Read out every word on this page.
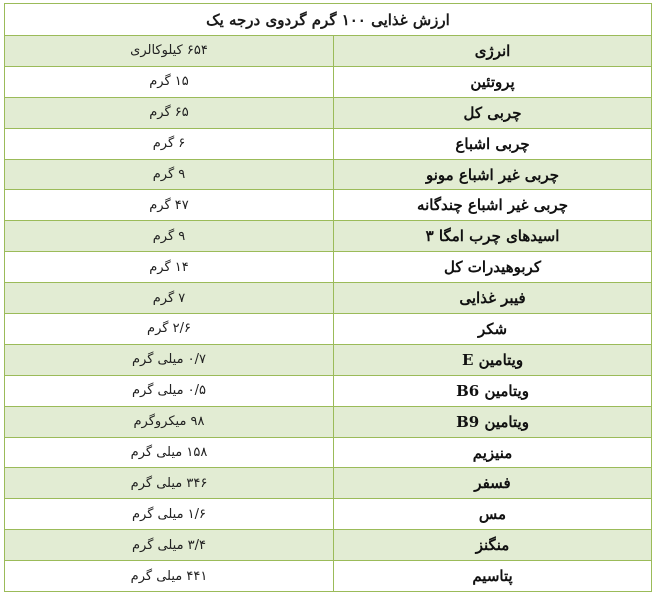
ارزش غذایی ۱۰۰ گرم گردوی درجه یک	
انرژی	۶۵۴ کیلوکالری
پروتئین	۱۵ گرم
چربی کل	۶۵ گرم
چربی اشباع	۶ گرم
چربی غیر اشباع مونو	۹ گرم
چربی غیر اشباع چندگانه	۴۷ گرم
اسیدهای چرب امگا ۳	۹ گرم
کربوهیدرات کل	۱۴ گرم
فیبر غذایی	۷ گرم
شکر	۲/۶ گرم
ویتامین E	۰/۷ میلی گرم
ویتامین B6	۰/۵ میلی گرم
ویتامین B9	۹۸ میکروگرم
منیزیم	۱۵۸ میلی گرم
فسفر	۳۴۶ میلی گرم
مس	۱/۶ میلی گرم
منگنز	۳/۴ میلی گرم
پتاسیم	۴۴۱ میلی گرم
